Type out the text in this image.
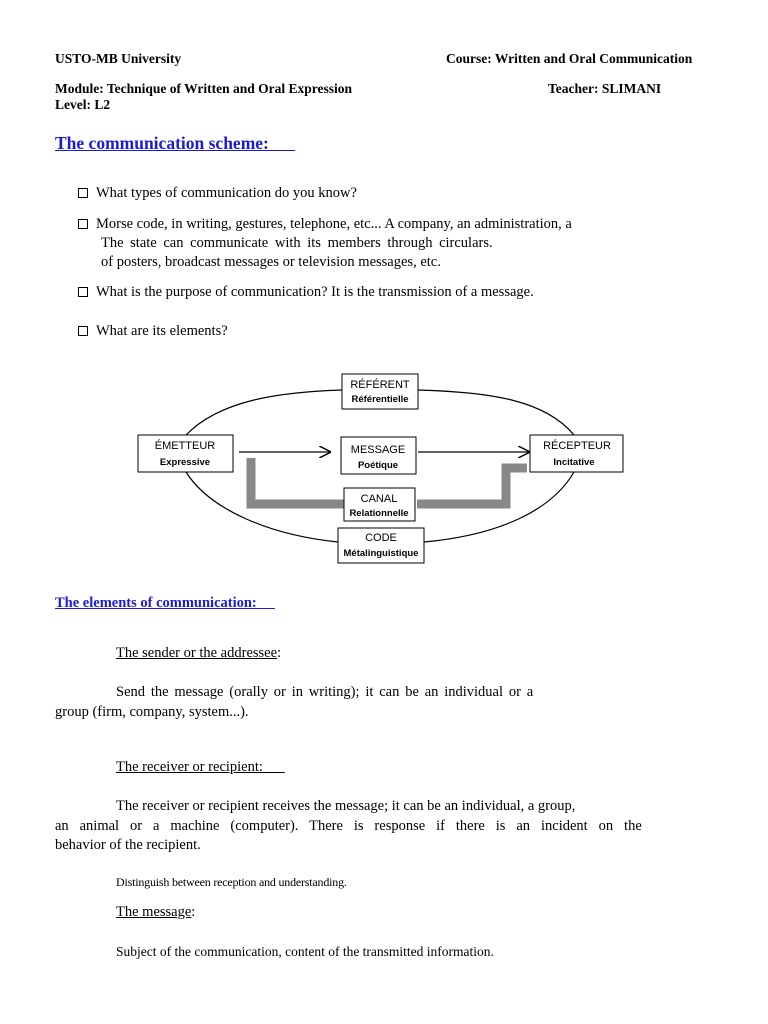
USTO-MB University	Course: Written and Oral Communication
Module: Technique of Written and Oral Expression	Teacher: SLIMANI
Level: L2
The communication scheme:
What types of communication do you know?
Morse code, in writing, gestures, telephone, etc... A company, an administration, a
The state can communicate with its members through circulars.
of posters, broadcast messages or television messages, etc.
What is the purpose of communication? It is the transmission of a message.
What are its elements?
RÉFÉRENT
Référentielle
ÉMETTEUR
Expressive
MESSAGE
Poétique
RÉCEPTEUR
Incitative
CANAL
Relationnelle
CODE
Métalinguistique
The elements of communication:
The sender or the addressee:
Send the message (orally or in writing); it can be an individual or a
group (firm, company, system...).
The receiver or recipient:
The receiver or recipient receives the message; it can be an individual, a group,
an animal or a machine (computer). There is response if there is an incident on the
behavior of the recipient.
Distinguish between reception and understanding.
The message:
Subject of the communication, content of the transmitted information.
